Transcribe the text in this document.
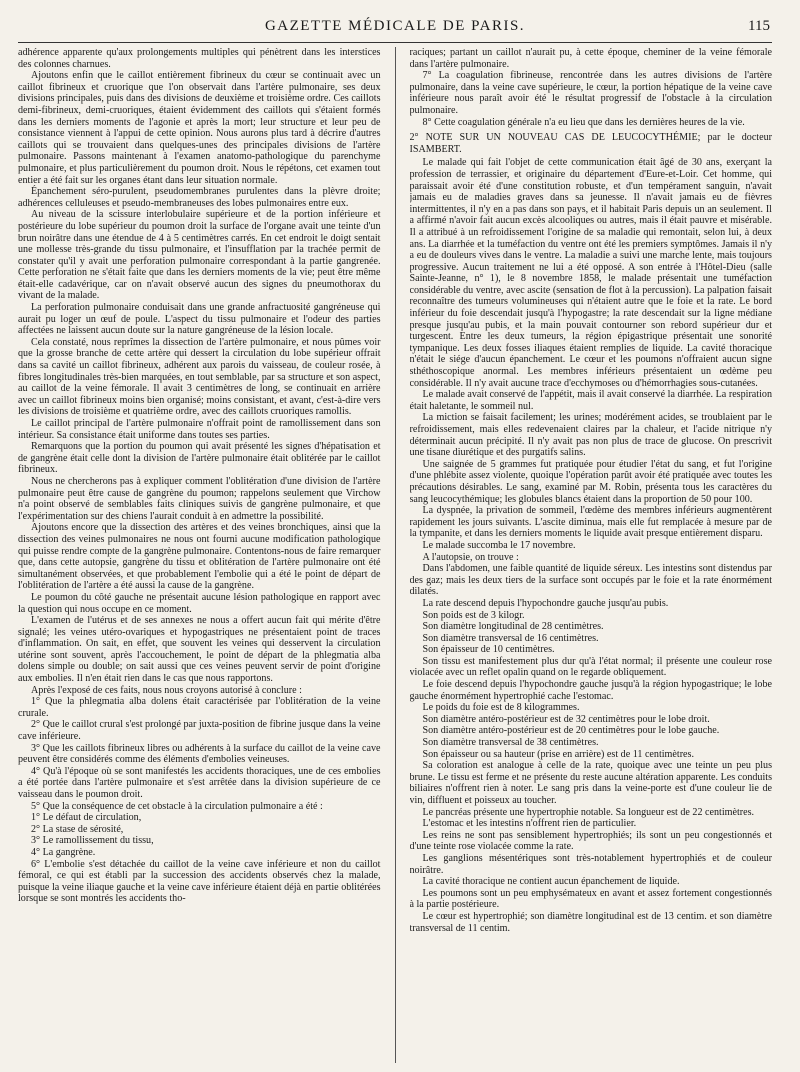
GAZETTE MÉDICALE DE PARIS.	115

adhérence apparente qu'aux prolongements multiples qui pénètrent dans les interstices des colonnes charnues.

Ajoutons enfin que le caillot entièrement fibrineux du cœur se continuait avec un caillot fibrineux et cruorique que l'on observait dans l'artère pulmonaire, ses deux divisions principales, puis dans des divisions de deuxième et troisième ordre. Ces caillots demi-fibrineux, demi-cruoriques, étaient évidemment des caillots qui s'étaient formés dans les derniers moments de l'agonie et après la mort; leur structure et leur peu de consistance viennent à l'appui de cette opinion. Nous aurons plus tard à décrire d'autres caillots qui se trouvaient dans quelques-unes des principales divisions de l'artère pulmonaire. Passons maintenant à l'examen anatomo-pathologique du parenchyme pulmonaire, et plus particulièrement du poumon droit. Nous le répétons, cet examen tout entier a été fait sur les organes étant dans leur situation normale.

Épanchement séro-purulent, pseudomembranes purulentes dans la plèvre droite; adhérences celluleuses et pseudo-membraneuses des lobes pulmonaires entre eux.

Au niveau de la scissure interlobulaire supérieure et de la portion inférieure et postérieure du lobe supérieur du poumon droit la surface de l'organe avait une teinte d'un brun noirâtre dans une étendue de 4 à 5 centimètres carrés. En cet endroit le doigt sentait une mollesse très-grande du tissu pulmonaire, et l'insufflation par la trachée permit de constater qu'il y avait une perforation pulmonaire correspondant à la partie gangrenée. Cette perforation ne s'était faite que dans les derniers moments de la vie; peut être même était-elle cadavérique, car on n'avait observé aucun des signes du pneumothorax du vivant de la malade.

La perforation pulmonaire conduisait dans une grande anfractuosité gangréneuse qui aurait pu loger un œuf de poule. L'aspect du tissu pulmonaire et l'odeur des parties affectées ne laissent aucun doute sur la nature gangréneuse de la lésion locale.

Cela constaté, nous reprîmes la dissection de l'artère pulmonaire, et nous pûmes voir que la grosse branche de cette artère qui dessert la circulation du lobe supérieur offrait dans sa cavité un caillot fibrineux, adhérent aux parois du vaisseau, de couleur rosée, à fibres longitudinales très-bien marquées, en tout semblable, par sa structure et son aspect, au caillot de la veine fémorale. Il avait 3 centimètres de long, se continuait en arrière avec un caillot fibrineux moins bien organisé; moins consistant, et avant, c'est-à-dire vers les divisions de troisième et quatrième ordre, avec des caillots cruoriques ramollis.

Le caillot principal de l'artère pulmonaire n'offrait point de ramollissement dans son intérieur. Sa consistance était uniforme dans toutes ses parties.

Remarquons que la portion du poumon qui avait présenté les signes d'hépatisation et de gangrène était celle dont la division de l'artère pulmonaire était oblitérée par le caillot fibrineux.

Nous ne chercherons pas à expliquer comment l'oblitération d'une division de l'artère pulmonaire peut être cause de gangrène du poumon; rappelons seulement que Virchow n'a point observé de semblables faits cliniques suivis de gangrène pulmonaire, et que l'expérimentation sur des chiens l'aurait conduit à en admettre la possibilité.

Ajoutons encore que la dissection des artères et des veines bronchiques, ainsi que la dissection des veines pulmonaires ne nous ont fourni aucune modification pathologique qui puisse rendre compte de la gangrène pulmonaire. Contentons-nous de faire remarquer que, dans cette autopsie, gangrène du tissu et oblitération de l'artère pulmonaire ont été simultanément observées, et que probablement l'embolie qui a été le point de départ de l'oblitération de l'artère a été aussi la cause de la gangrène.

Le poumon du côté gauche ne présentait aucune lésion pathologique en rapport avec la question qui nous occupe en ce moment.

L'examen de l'utérus et de ses annexes ne nous a offert aucun fait qui mérite d'être signalé; les veines utéro-ovariques et hypogastriques ne présentaient point de traces d'inflammation. On sait, en effet, que souvent les veines qui desservent la circulation utérine sont souvent, après l'accouchement, le point de départ de la phlegmatia alba dolens simple ou double; on sait aussi que ces veines peuvent servir de point d'origine aux embolies. Il n'en était rien dans le cas que nous rapportons.

Après l'exposé de ces faits, nous nous croyons autorisé à conclure :

1° Que la phlegmatia alba dolens était caractérisée par l'oblitération de la veine crurale.

2° Que le caillot crural s'est prolongé par juxta-position de fibrine jusque dans la veine cave inférieure.

3° Que les caillots fibrineux libres ou adhérents à la surface du caillot de la veine cave peuvent être considérés comme des éléments d'embolies veineuses.

4° Qu'à l'époque où se sont manifestés les accidents thoraciques, une de ces embolies a été portée dans l'artère pulmonaire et s'est arrêtée dans la division supérieure de ce vaisseau dans le poumon droit.

5° Que la conséquence de cet obstacle à la circulation pulmonaire a été :

1° Le défaut de circulation,

2° La stase de sérosité,

3° Le ramollissement du tissu,

4° La gangrène.

6° L'embolie s'est détachée du caillot de la veine cave inférieure et non du caillot fémoral, ce qui est établi par la succession des accidents observés chez la malade, puisque la veine iliaque gauche et la veine cave inférieure étaient déjà en partie oblitérées lorsque se sont montrés les accidents tho-

raciques; partant un caillot n'aurait pu, à cette époque, cheminer de la veine fémorale dans l'artère pulmonaire.

7° La coagulation fibrineuse, rencontrée dans les autres divisions de l'artère pulmonaire, dans la veine cave supérieure, le cœur, la portion hépatique de la veine cave inférieure nous paraît avoir été le résultat progressif de l'obstacle à la circulation pulmonaire.

8° Cette coagulation générale n'a eu lieu que dans les dernières heures de la vie.

2° NOTE SUR UN NOUVEAU CAS DE LEUCOCYTHÉMIE; par le docteur ISAMBERT.

Le malade qui fait l'objet de cette communication était âgé de 30 ans, exerçant la profession de terrassier, et originaire du département d'Eure-et-Loir. Cet homme, qui paraissait avoir été d'une constitution robuste, et d'un tempérament sanguin, n'avait jamais eu de maladies graves dans sa jeunesse. Il n'avait jamais eu de fièvres intermittentes, il n'y en a pas dans son pays, et il habitait Paris depuis un an seulement. Il a affirmé n'avoir fait aucun excès alcooliques ou autres, mais il était pauvre et misérable. Il a attribué à un refroidissement l'origine de sa maladie qui remontait, selon lui, à deux ans. La diarrhée et la tuméfaction du ventre ont été les premiers symptômes. Jamais il n'y a eu de douleurs vives dans le ventre. La maladie a suivi une marche lente, mais toujours progressive. Aucun traitement ne lui a été opposé. A son entrée à l'Hôtel-Dieu (salle Sainte-Jeanne, n° 1), le 8 novembre 1858, le malade présentait une tuméfaction considérable du ventre, avec ascite (sensation de flot à la percussion). La palpation faisait reconnaître des tumeurs volumineuses qui n'étaient autre que le foie et la rate. Le bord inférieur du foie descendait jusqu'à l'hypogastre; la rate descendait sur la ligne médiane presque jusqu'au pubis, et la main pouvait contourner son rebord supérieur dur et turgescent. Entre les deux tumeurs, la région épigastrique présentait une sonorité tympanique. Les deux fosses iliaques étaient remplies de liquide. La cavité thoracique n'était le siége d'aucun épanchement. Le cœur et les poumons n'offraient aucun signe sthéthoscopique anormal. Les membres inférieurs présentaient un œdème peu considérable. Il n'y avait aucune trace d'ecchymoses ou d'hémorrhagies sous-cutanées.

Le malade avait conservé de l'appétit, mais il avait conservé la diarrhée. La respiration était haletante, le sommeil nul.

La miction se faisait facilement; les urines; modérément acides, se troublaient par le refroidissement, mais elles redevenaient claires par la chaleur, et l'acide nitrique n'y déterminait aucun précipité. Il n'y avait pas non plus de trace de glucose. On prescrivit une tisane diurétique et des purgatifs salins.

Une saignée de 5 grammes fut pratiquée pour étudier l'état du sang, et fut l'origine d'une phlébite assez violente, quoique l'opération parût avoir été pratiquée avec toutes les précautions désirables. Le sang, examiné par M. Robin, présenta tous les caractères du sang leucocythémique; les globules blancs étaient dans la proportion de 50 pour 100.

La dyspnée, la privation de sommeil, l'œdème des membres inférieurs augmentèrent rapidement les jours suivants. L'ascite diminua, mais elle fut remplacée à mesure par de la tympanite, et dans les derniers moments le liquide avait presque entièrement disparu.

Le malade succomba le 17 novembre.

A l'autopsie, on trouve :

Dans l'abdomen, une faible quantité de liquide séreux. Les intestins sont distendus par des gaz; mais les deux tiers de la surface sont occupés par le foie et la rate énormément dilatés.

La rate descend depuis l'hypochondre gauche jusqu'au pubis.

Son poids est de 3 kilogr.

Son diamètre longitudinal de 28 centimètres.

Son diamètre transversal de 16 centimètres.

Son épaisseur de 10 centimètres.

Son tissu est manifestement plus dur qu'à l'état normal; il présente une couleur rose violacée avec un reflet opalin quand on le regarde obliquement.

Le foie descend depuis l'hypochondre gauche jusqu'à la région hypogastrique; le lobe gauche énormément hypertrophié cache l'estomac.

Le poids du foie est de 8 kilogrammes.

Son diamètre antéro-postérieur est de 32 centimètres pour le lobe droit.

Son diamètre antéro-postérieur est de 20 centimètres pour le lobe gauche.

Son diamètre transversal de 38 centimètres.

Son épaisseur ou sa hauteur (prise en arrière) est de 11 centimètres.

Sa coloration est analogue à celle de la rate, quoique avec une teinte un peu plus brune. Le tissu est ferme et ne présente du reste aucune altération apparente. Les conduits biliaires n'offrent rien à noter. Le sang pris dans la veine-porte est d'une couleur lie de vin, diffluent et poisseux au toucher.

Le pancréas présente une hypertrophie notable. Sa longueur est de 22 centimètres.

L'estomac et les intestins n'offrent rien de particulier.

Les reins ne sont pas sensiblement hypertrophiés; ils sont un peu congestionnés et d'une teinte rose violacée comme la rate.

Les ganglions mésentériques sont très-notablement hypertrophiés et de couleur noirâtre.

La cavité thoracique ne contient aucun épanchement de liquide.

Les poumons sont un peu emphysémateux en avant et assez fortement congestionnés à la partie postérieure.

Le cœur est hypertrophié; son diamètre longitudinal est de 13 centim. et son diamètre transversal de 11 centim.
